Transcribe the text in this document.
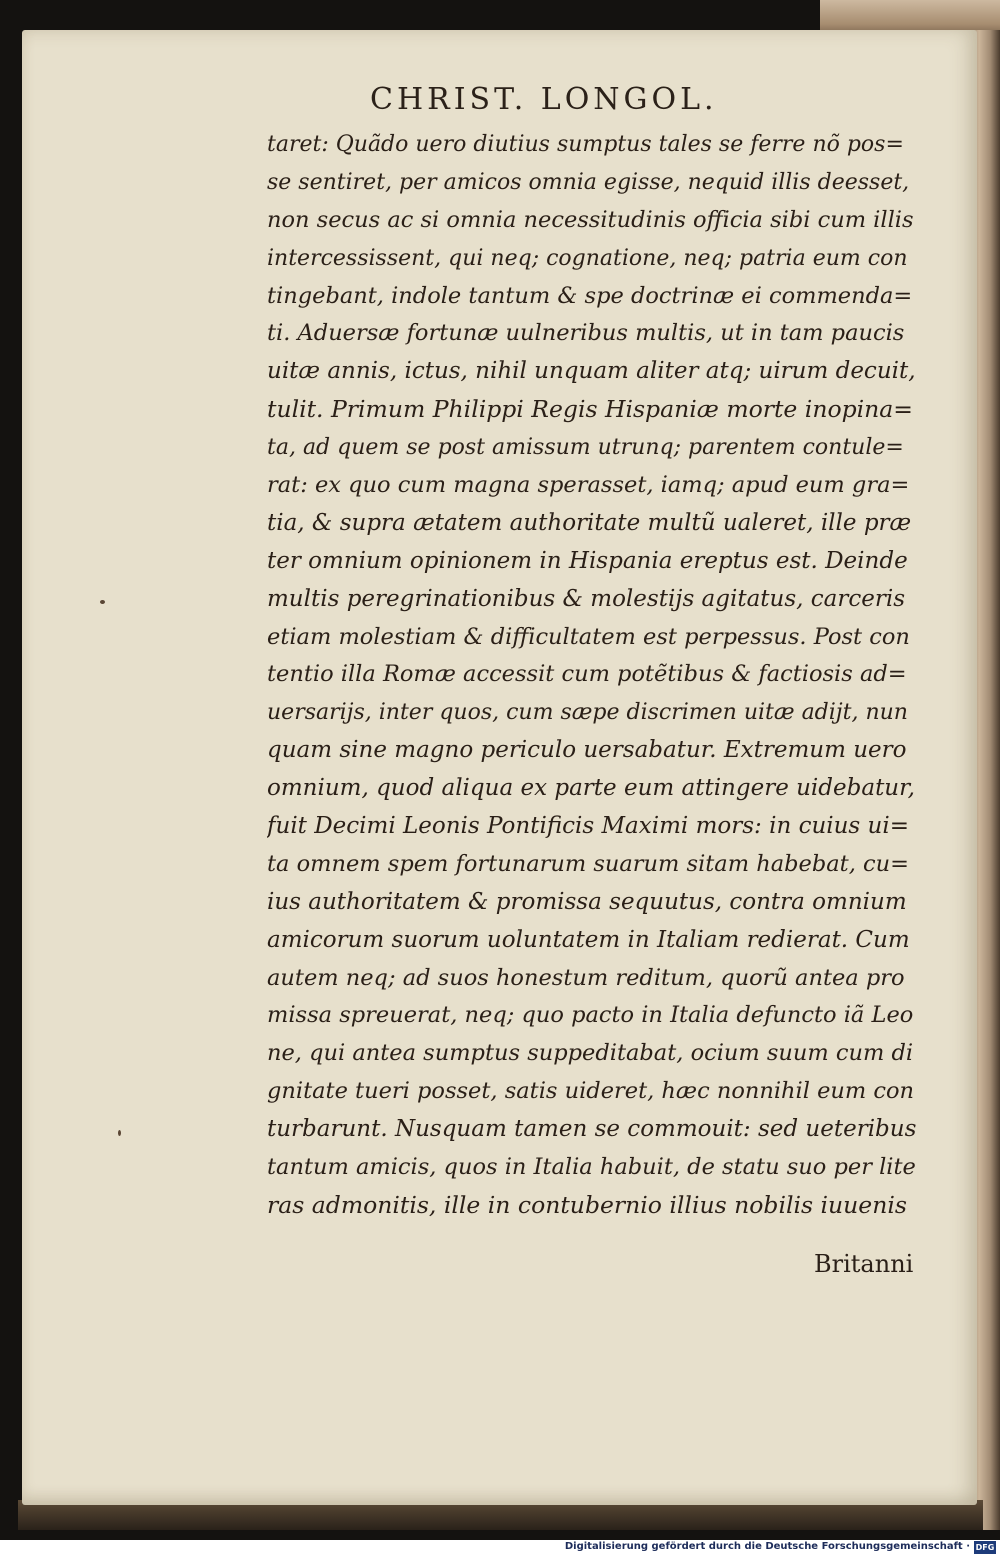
CHRIST. LONGOL.
taret: Quãdo uero diutius sumptus tales se ferre nõ pos=
se sentiret, per amicos omnia egisse, nequid illis deesset,
non secus ac si omnia necessitudinis officia sibi cum illis
intercessissent, qui neq; cognatione, neq; patria eum con
tingebant, indole tantum & spe doctrinæ ei commenda=
ti. Aduersæ fortunæ uulneribus multis, ut in tam paucis
uitæ annis, ictus, nihil unquam aliter atq; uirum decuit,
tulit. Primum Philippi Regis Hispaniæ morte inopina=
ta, ad quem se post amissum utrunq; parentem contule=
rat: ex quo cum magna sperasset, iamq; apud eum gra=
tia, & supra ætatem authoritate multũ ualeret, ille præ
ter omnium opinionem in Hispania ereptus est. Deinde
multis peregrinationibus & molestijs agitatus, carceris
etiam molestiam & difficultatem est perpessus. Post con
tentio illa Romæ accessit cum potẽtibus & factiosis ad=
uersarijs, inter quos, cum sæpe discrimen uitæ adijt, nun
quam sine magno periculo uersabatur. Extremum uero
omnium, quod aliqua ex parte eum attingere uidebatur,
fuit Decimi Leonis Pontificis Maximi mors: in cuius ui=
ta omnem spem fortunarum suarum sitam habebat, cu=
ius authoritatem & promissa sequutus, contra omnium
amicorum suorum uoluntatem in Italiam redierat. Cum
autem neq; ad suos honestum reditum, quorũ antea pro
missa spreuerat, neq; quo pacto in Italia defuncto iã Leo
ne, qui antea sumptus suppeditabat, ocium suum cum di
gnitate tueri posset, satis uideret, hæc nonnihil eum con
turbarunt. Nusquam tamen se commouit: sed ueteribus
tantum amicis, quos in Italia habuit, de statu suo per lite
ras admonitis, ille in contubernio illius nobilis iuuenis
Britanni
Digitalisierung gefördert durch die Deutsche Forschungsgemeinschaft · DFG
